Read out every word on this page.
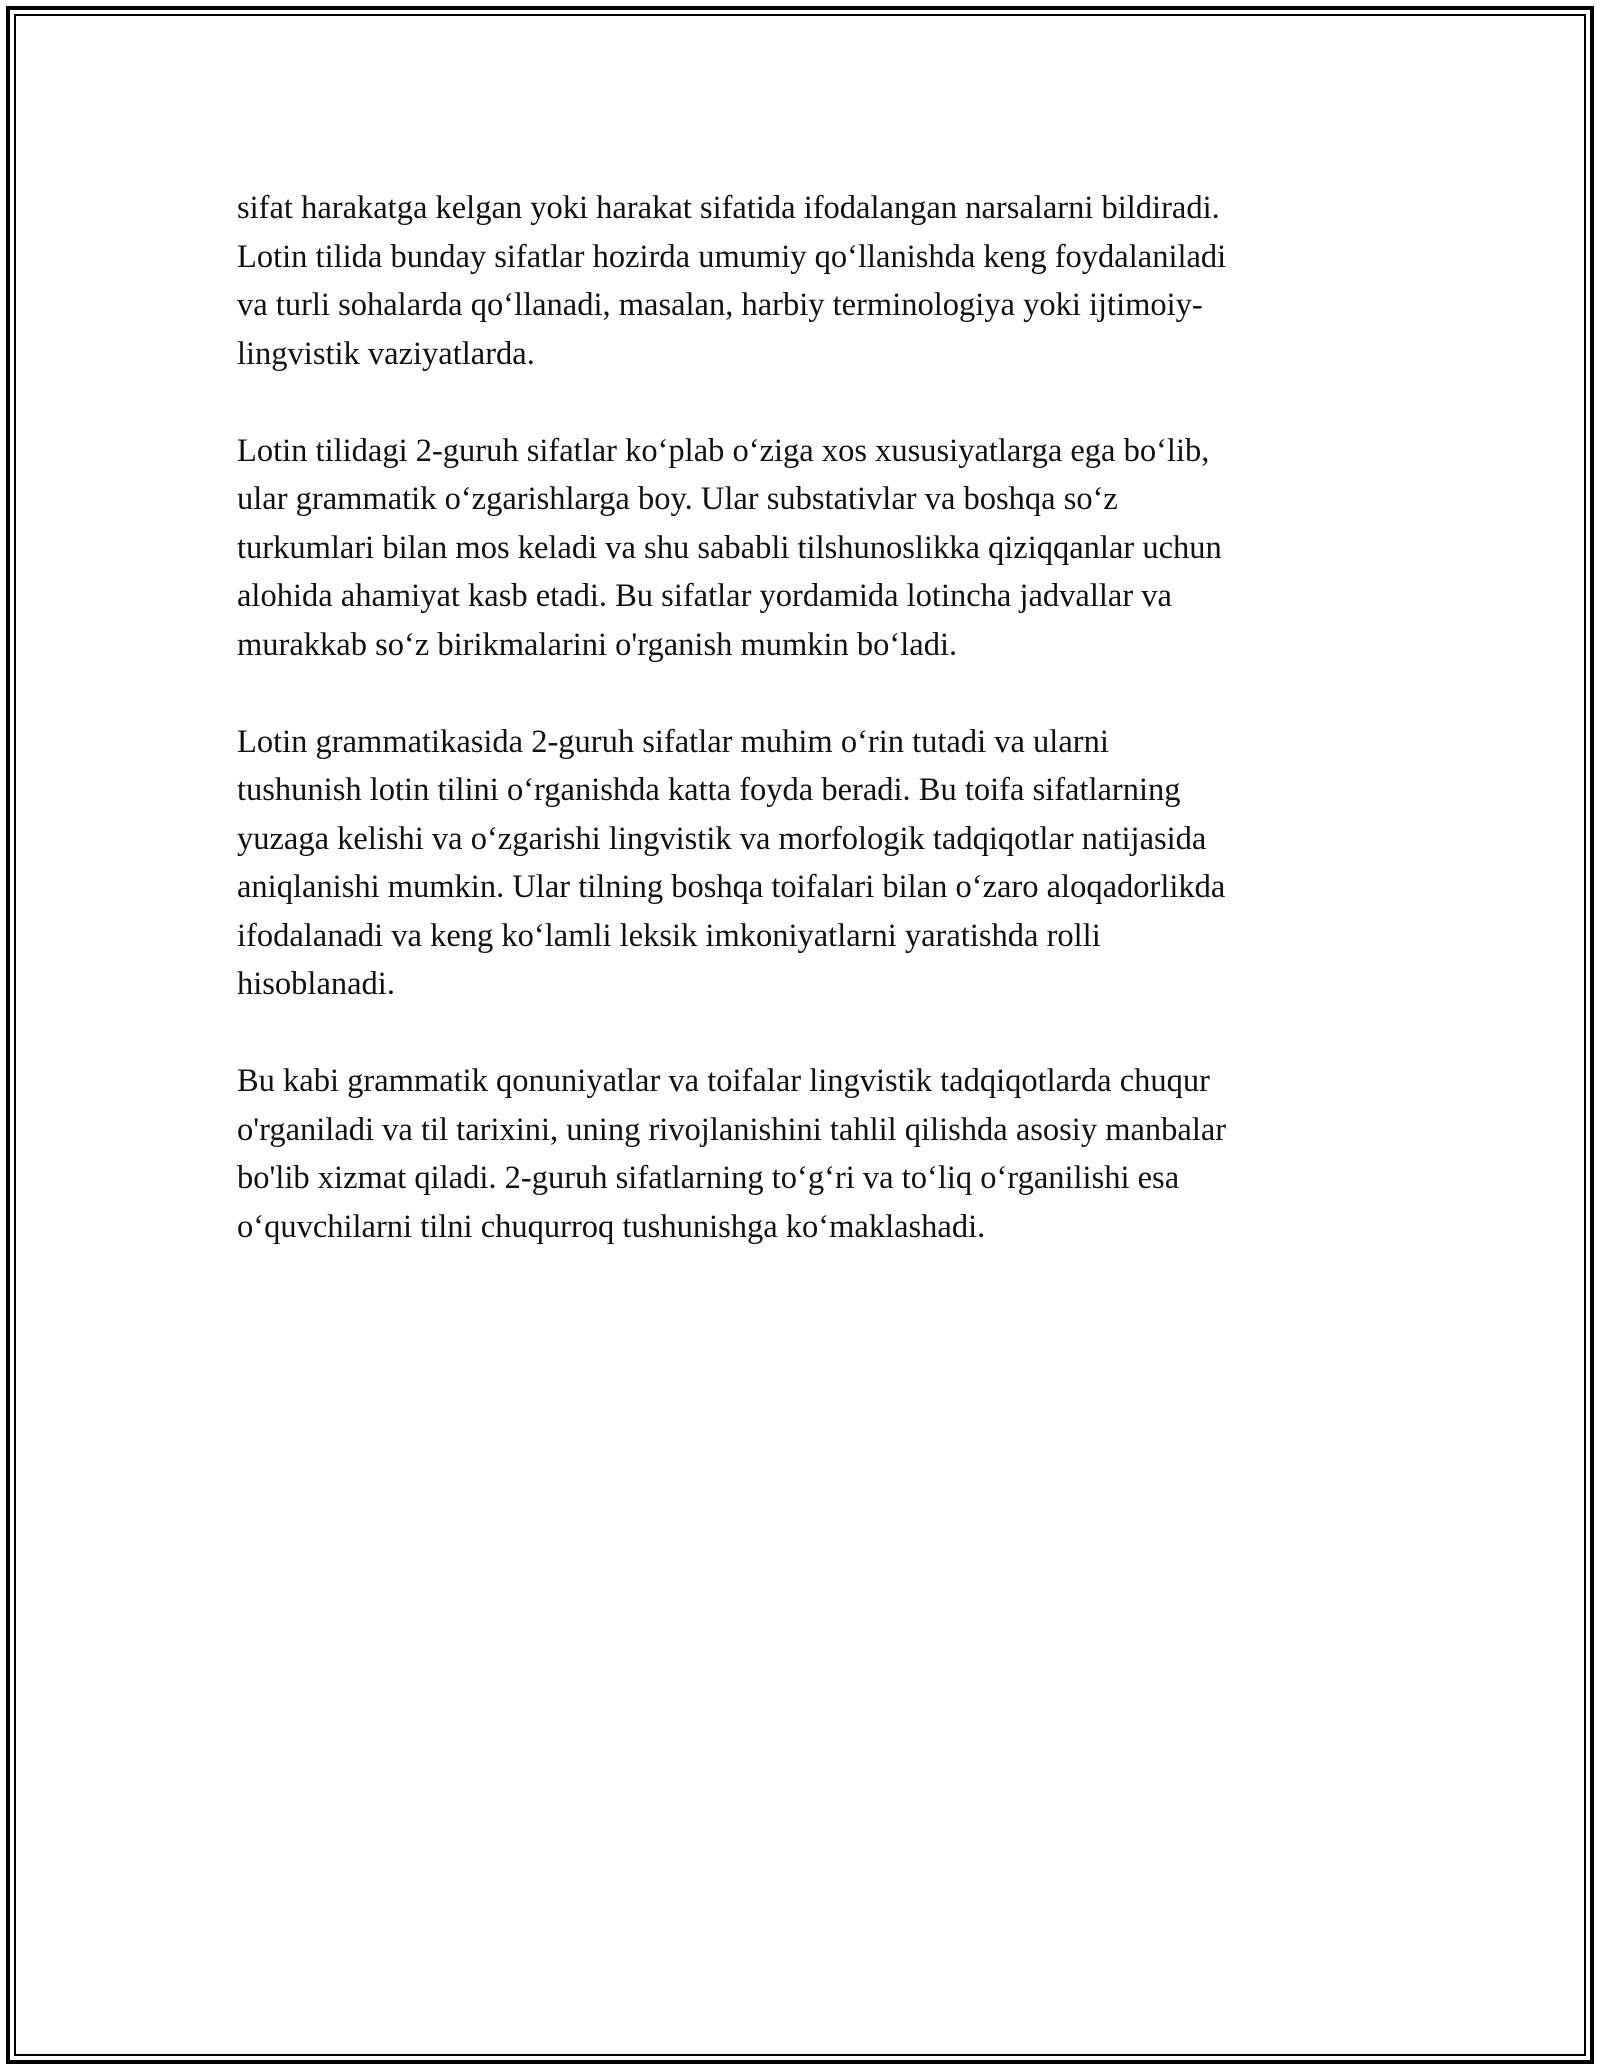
sifat harakatga kelgan yoki harakat sifatida ifodalangan narsalarni bildiradi.
Lotin tilida bunday sifatlar hozirda umumiy qo‘llanishda keng foydalaniladi
va turli sohalarda qo‘llanadi, masalan, harbiy terminologiya yoki ijtimoiy-
lingvistik vaziyatlarda.

Lotin tilidagi 2-guruh sifatlar ko‘plab o‘ziga xos xususiyatlarga ega bo‘lib,
ular grammatik o‘zgarishlarga boy. Ular substativlar va boshqa so‘z
turkumlari bilan mos keladi va shu sababli tilshunoslikka qiziqqanlar uchun
alohida ahamiyat kasb etadi. Bu sifatlar yordamida lotincha jadvallar va
murakkab so‘z birikmalarini o'rganish mumkin bo‘ladi.

Lotin grammatikasida 2-guruh sifatlar muhim o‘rin tutadi va ularni
tushunish lotin tilini o‘rganishda katta foyda beradi. Bu toifa sifatlarning
yuzaga kelishi va o‘zgarishi lingvistik va morfologik tadqiqotlar natijasida
aniqlanishi mumkin. Ular tilning boshqa toifalari bilan o‘zaro aloqadorlikda
ifodalanadi va keng ko‘lamli leksik imkoniyatlarni yaratishda rolli
hisoblanadi.

Bu kabi grammatik qonuniyatlar va toifalar lingvistik tadqiqotlarda chuqur
o'rganiladi va til tarixini, uning rivojlanishini tahlil qilishda asosiy manbalar
bo'lib xizmat qiladi. 2-guruh sifatlarning to‘g‘ri va to‘liq o‘rganilishi esa
o‘quvchilarni tilni chuqurroq tushunishga ko‘maklashadi.
